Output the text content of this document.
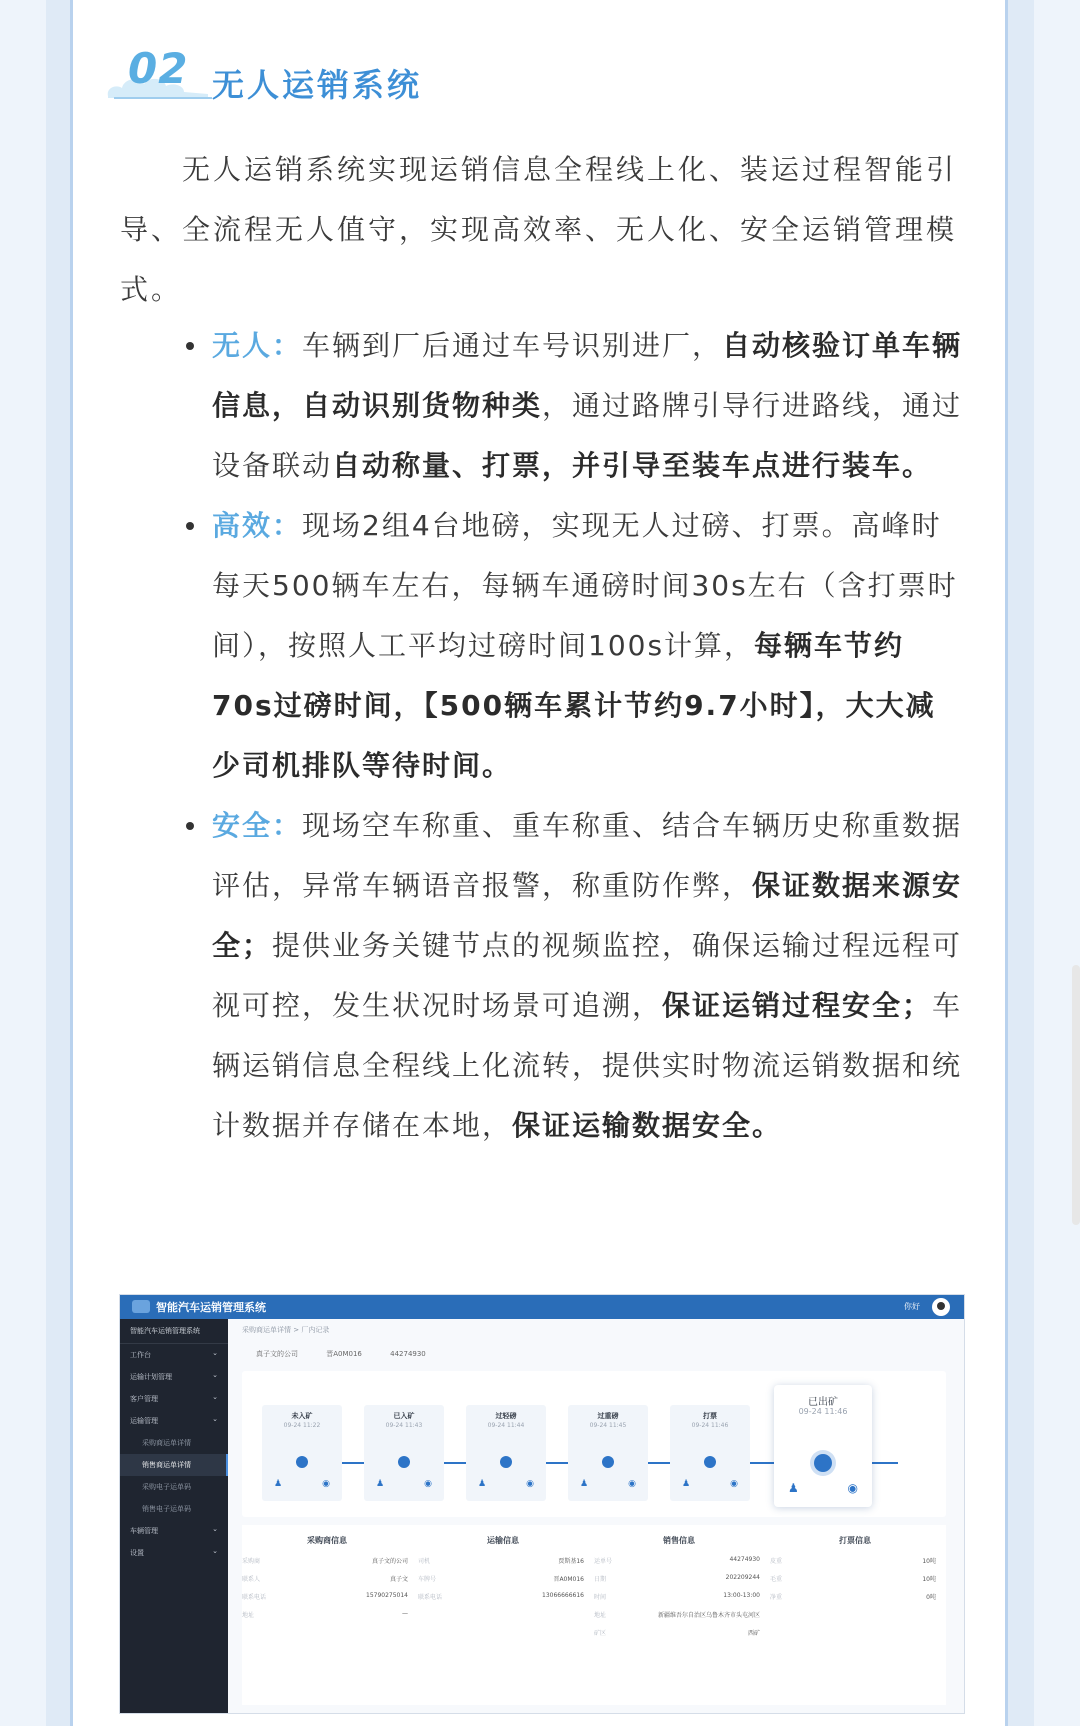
02 无人运销系统
无人运销系统实现运销信息全程线上化、装运过程智能引导、全流程无人值守，实现高效率、无人化、安全运销管理模式。
无人：车辆到厂后通过车号识别进厂，自动核验订单车辆信息，自动识别货物种类，通过路牌引导行进路线，通过设备联动自动称量、打票，并引导至装车点进行装车。
高效：现场2组4台地磅，实现无人过磅、打票。高峰时每天500辆车左右，每辆车通磅时间30s左右（含打票时间），按照人工平均过磅时间100s计算，每辆车节约70s过磅时间，【500辆车累计节约9.7小时】，大大减少司机排队等待时间。
安全：现场空车称重、重车称重、结合车辆历史称重数据评估，异常车辆语音报警，称重防作弊，保证数据来源安全；提供业务关键节点的视频监控，确保运输过程远程可视可控，发生状况时场景可追溯，保证运销过程安全；车辆运销信息全程线上化流转，提供实时物流运销数据和统计数据并存储在本地，保证运输数据安全。
智能汽车运销管理系统	你好
智能汽车运销管理系统
工作台	⌄
运输计划管理	⌄
客户管理	⌄
运输管理	⌄
采购商运单详情
销售商运单详情
采购电子运单码
销售电子运单码
车辆管理	⌄
设置	⌄
采购商运单详情 > 厂内记录
真子文的公司	晋A0M016	44274930
未入矿
09-24 11:22
♟	◉
已入矿
09-24 11:43
♟	◉
过轻磅
09-24 11:44
♟	◉
过重磅
09-24 11:45
♟	◉
打票
09-24 11:46
♟	◉
已出矿
09-24 11:46
♟	◉
采购商信息
采购商	真子文的公司
联系人	真子文
联系电话	15790275014
地址	—
运输信息
司机	贾斯基16
车牌号	晋A0M016
联系电话	13066666616
销售信息
运单号	44274930
日期	202209244
时间	13:00-13:00
地址	新疆维吾尔自治区乌鲁木齐市头屯河区
矿区	西矿
打票信息
皮重	10吨
毛重	10吨
净重	0吨
